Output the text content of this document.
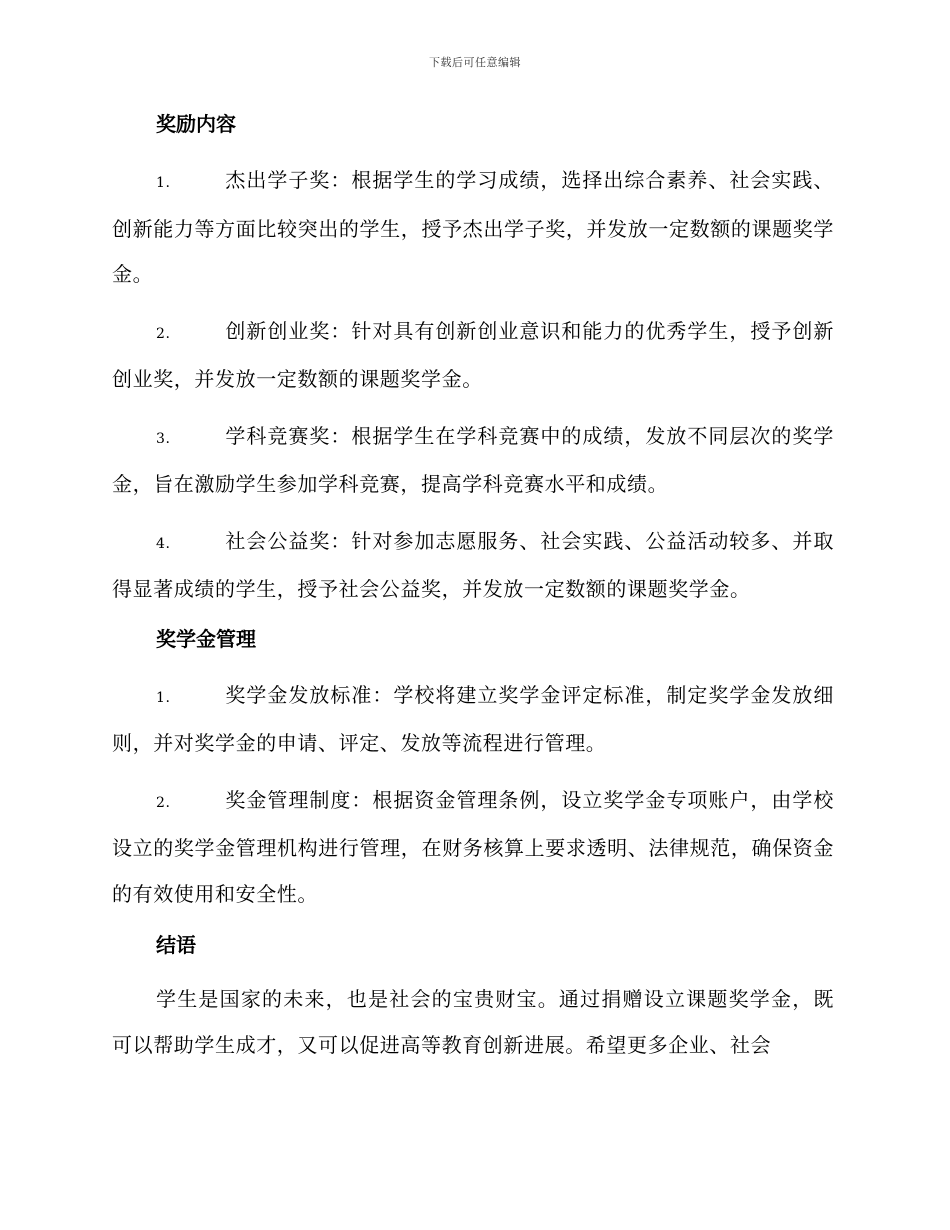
下载后可任意编辑
奖励内容
1.	杰出学子奖：根据学生的学习成绩，选择出综合素养、社会实践、创新能力等方面比较突出的学生，授予杰出学子奖，并发放一定数额的课题奖学金。
2.	创新创业奖：针对具有创新创业意识和能力的优秀学生，授予创新创业奖，并发放一定数额的课题奖学金。
3.	学科竞赛奖：根据学生在学科竞赛中的成绩，发放不同层次的奖学金，旨在激励学生参加学科竞赛，提高学科竞赛水平和成绩。
4.	社会公益奖：针对参加志愿服务、社会实践、公益活动较多、并取得显著成绩的学生，授予社会公益奖，并发放一定数额的课题奖学金。
奖学金管理
1.	奖学金发放标准：学校将建立奖学金评定标准，制定奖学金发放细则，并对奖学金的申请、评定、发放等流程进行管理。
2.	奖金管理制度：根据资金管理条例，设立奖学金专项账户，由学校设立的奖学金管理机构进行管理，在财务核算上要求透明、法律规范，确保资金的有效使用和安全性。
结语
学生是国家的未来，也是社会的宝贵财宝。通过捐赠设立课题奖学金，既可以帮助学生成才，又可以促进高等教育创新进展。希望更多企业、社会
